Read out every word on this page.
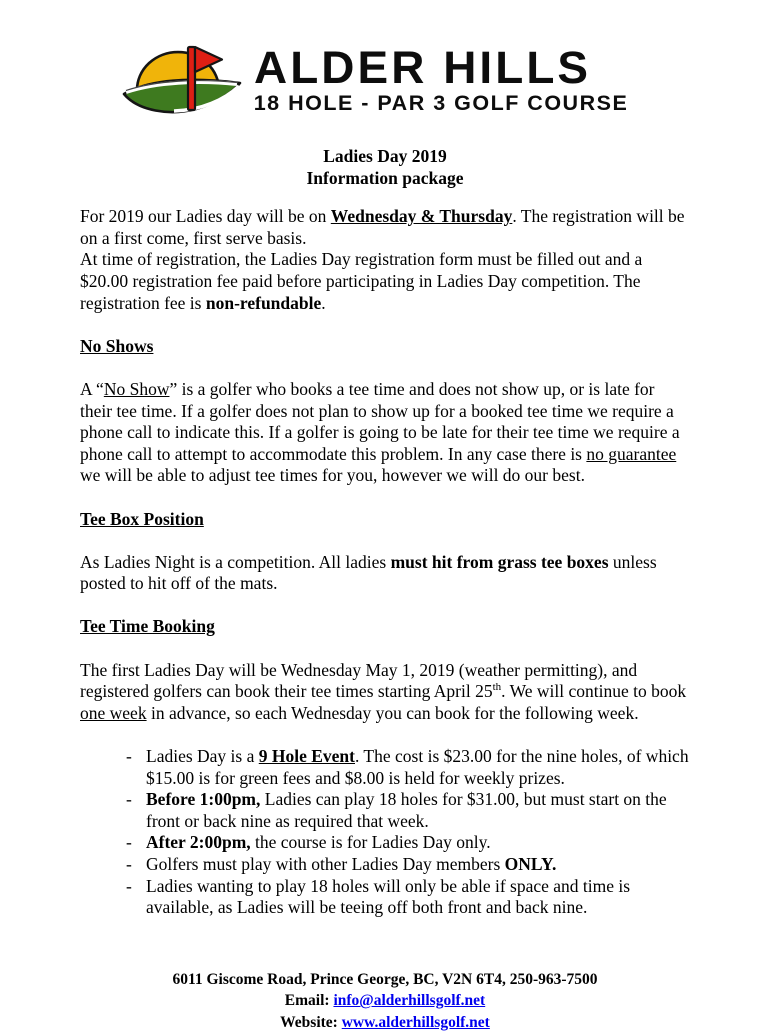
ALDER HILLS
18 HOLE - PAR 3 GOLF COURSE
Ladies Day 2019
Information package

For 2019 our Ladies day will be on Wednesday & Thursday. The registration will be on a first come, first serve basis.

At time of registration, the Ladies Day registration form must be filled out and a $20.00 registration fee paid before participating in Ladies Day competition. The registration fee is non-refundable.

No Shows

A “No Show” is a golfer who books a tee time and does not show up, or is late for their tee time. If a golfer does not plan to show up for a booked tee time we require a phone call to indicate this. If a golfer is going to be late for their tee time we require a phone call to attempt to accommodate this problem. In any case there is no guarantee we will be able to adjust tee times for you, however we will do our best.

Tee Box Position

As Ladies Night is a competition. All ladies must hit from grass tee boxes unless posted to hit off of the mats.

Tee Time Booking

The first Ladies Day will be Wednesday May 1, 2019 (weather permitting), and registered golfers can book their tee times starting April 25th. We will continue to book one week in advance, so each Wednesday you can book for the following week.

- Ladies Day is a 9 Hole Event. The cost is $23.00 for the nine holes, of which $15.00 is for green fees and $8.00 is held for weekly prizes.
- Before 1:00pm, Ladies can play 18 holes for $31.00, but must start on the front or back nine as required that week.
- After 2:00pm, the course is for Ladies Day only.
- Golfers must play with other Ladies Day members ONLY.
- Ladies wanting to play 18 holes will only be able if space and time is available, as Ladies will be teeing off both front and back nine.
6011 Giscome Road, Prince George, BC, V2N 6T4, 250-963-7500
Email: info@alderhillsgolf.net
Website: www.alderhillsgolf.net
